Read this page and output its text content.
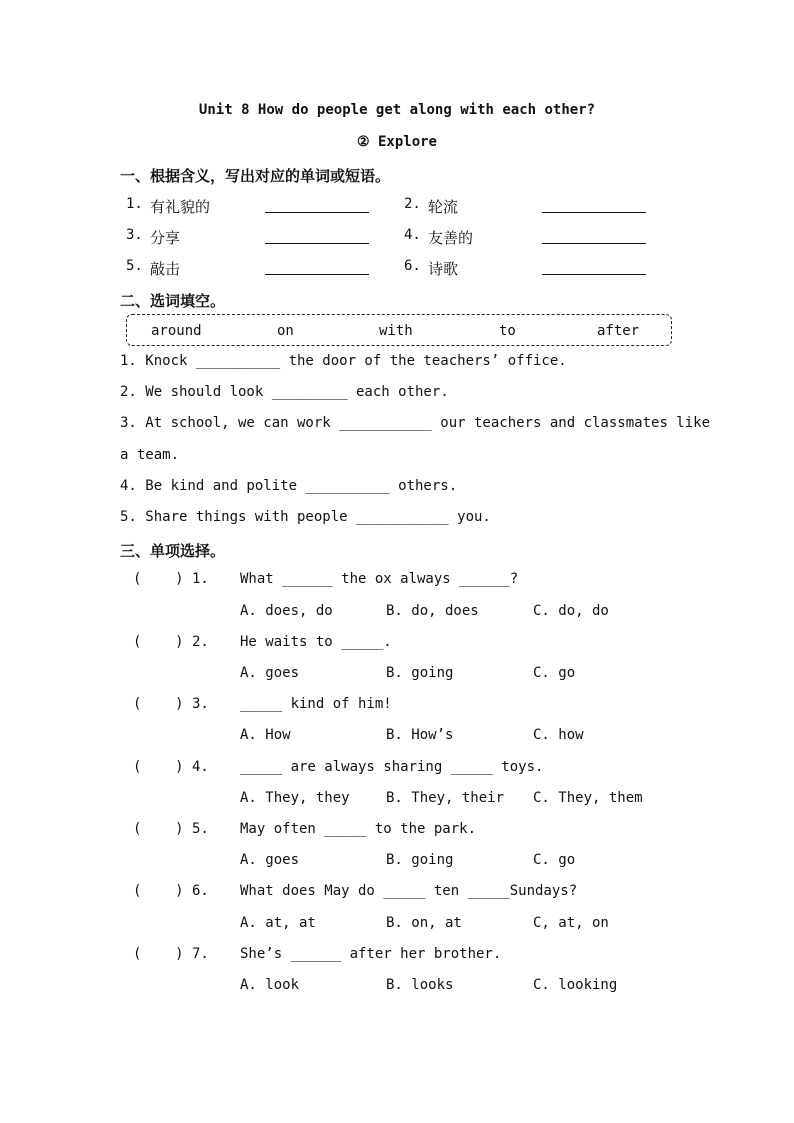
Unit 8 How do people get along with each other?
② Explore
一、根据含义，写出对应的单词或短语。
1. 有礼貌的	2. 轮流
3. 分享	4. 友善的
5. 敲击	6. 诗歌
二、选词填空。
around	on	with	to	after
1. Knock __________ the door of the teachers’ office.
2. We should look _________ each other.
3. At school, we can work ___________ our teachers and classmates like
a team.
4. Be kind and polite __________ others.
5. Share things with people ___________ you.
三、单项选择。
(    ) 1. What ______ the ox always ______?
A. does, do	B. do, does	C. do, do
(    ) 2. He waits to _____.
A. goes	B. going	C. go
(    ) 3. _____ kind of him!
A. How	B. How’s	C. how
(    ) 4. _____ are always sharing _____ toys.
A. They, they	B. They, their C. They, them
(    ) 5. May often _____ to the park.
A. goes	B. going	C. go
(    ) 6. What does May do _____ ten _____Sundays?
A. at, at	B. on, at	C, at, on
(    ) 7. She’s ______ after her brother.
A. look	B. looks	C. looking
